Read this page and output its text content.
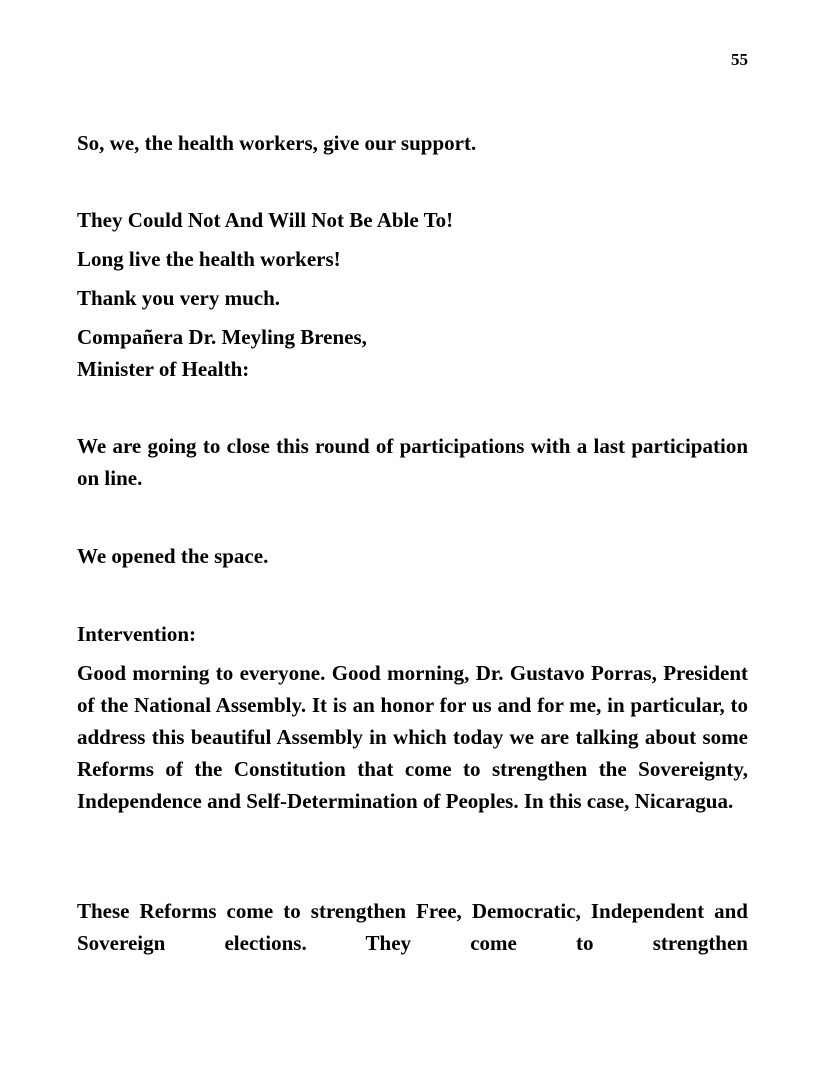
55
So, we, the health workers, give our support.
They Could Not And Will Not Be Able To!
Long live the health workers!
Thank you very much.
Compañera Dr. Meyling Brenes,
Minister of Health:
We are going to close this round of participations with a last participation on line.
We opened the space.
Intervention:
Good morning to everyone. Good morning, Dr. Gustavo Porras, President of the National Assembly. It is an honor for us and for me, in particular, to address this beautiful Assembly in which today we are talking about some Reforms of the Constitution that come to strengthen the Sovereignty, Independence and Self-Determination of Peoples. In this case, Nicaragua.
These Reforms come to strengthen Free, Democratic, Independent and Sovereign elections. They come to strengthen
